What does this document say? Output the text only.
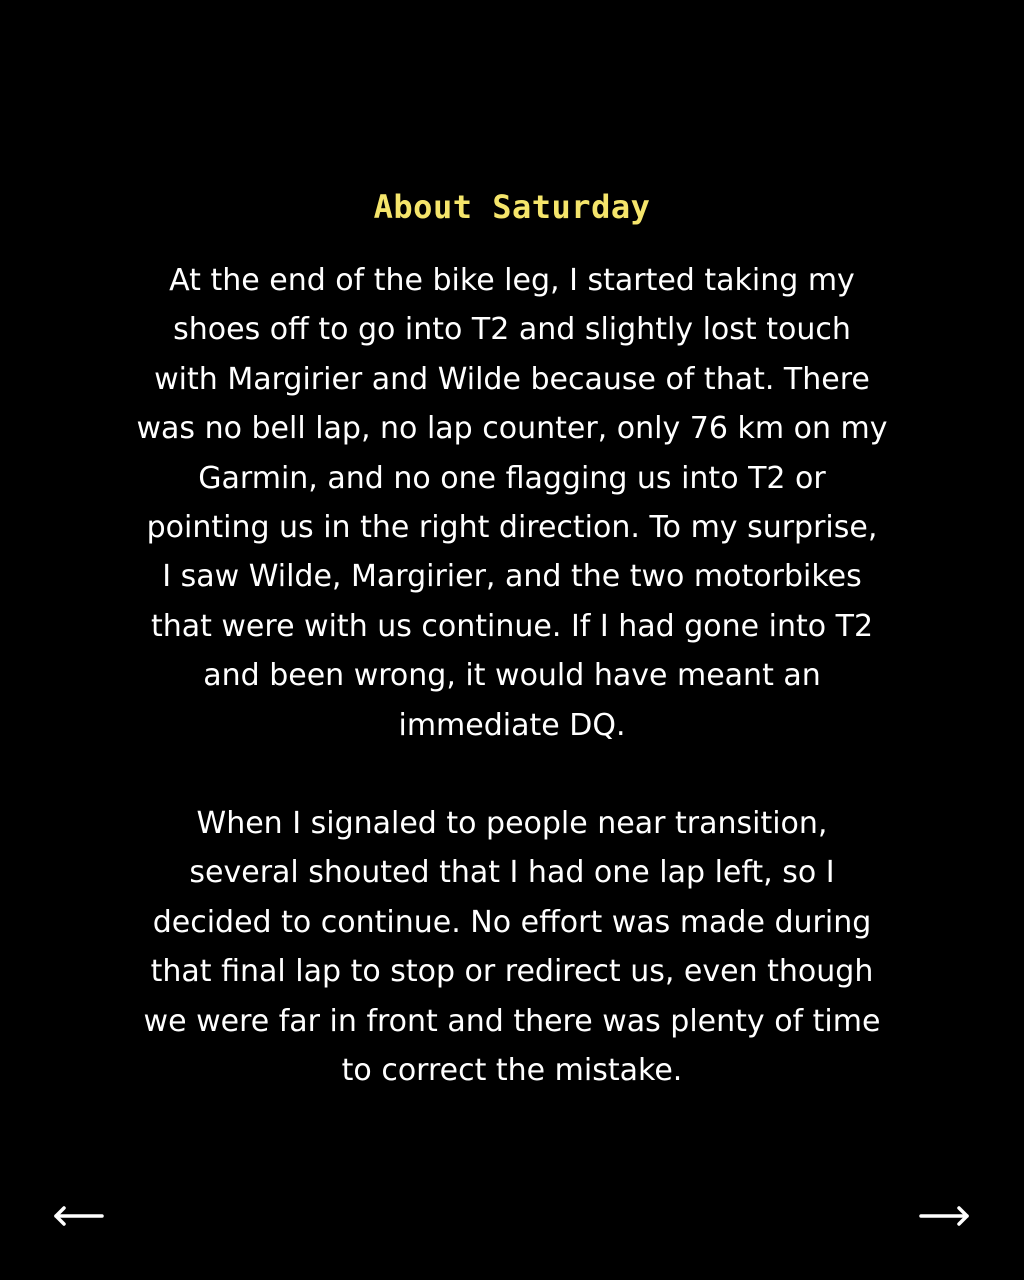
About Saturday

At the end of the bike leg, I started taking my
shoes off to go into T2 and slightly lost touch
with Margirier and Wilde because of that. There
was no bell lap, no lap counter, only 76 km on my
Garmin, and no one flagging us into T2 or
pointing us in the right direction. To my surprise,
I saw Wilde, Margirier, and the two motorbikes
that were with us continue. If I had gone into T2
and been wrong, it would have meant an
immediate DQ.

When I signaled to people near transition,
several shouted that I had one lap left, so I
decided to continue. No effort was made during
that final lap to stop or redirect us, even though
we were far in front and there was plenty of time
to correct the mistake.
